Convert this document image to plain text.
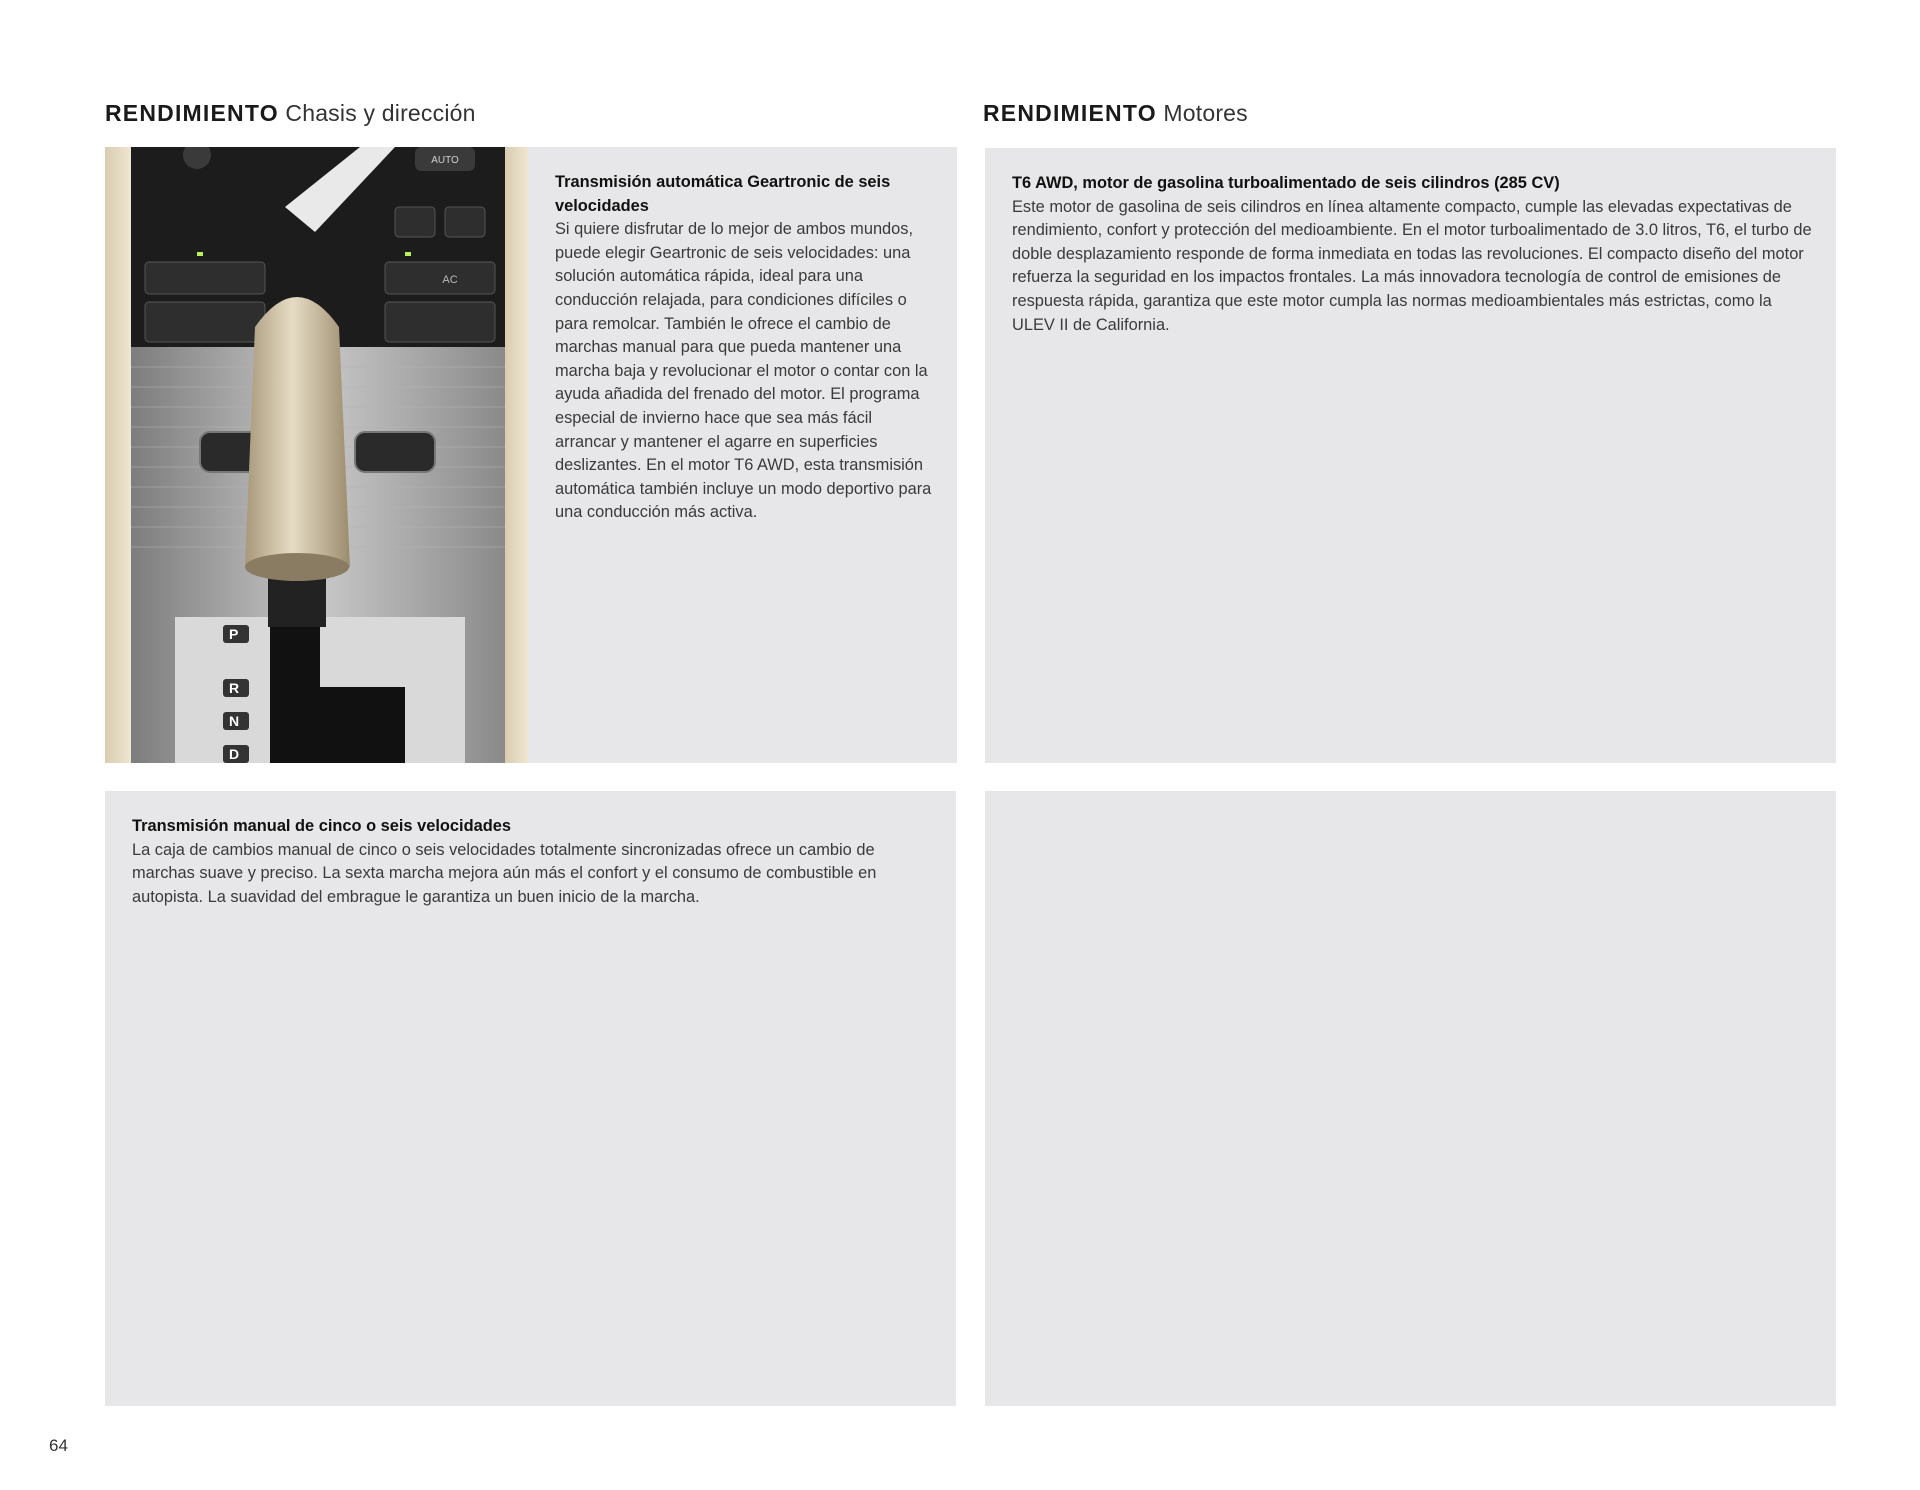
RENDIMIENTO Chasis y dirección	RENDIMIENTO Motores
AUTO
AC
P
R
N
D
Transmisión automática Geartronic de seis velocidades
Si quiere disfrutar de lo mejor de ambos mundos, puede elegir Geartronic de seis velocidades: una solución automática rápida, ideal para una conducción relajada, para condiciones difíciles o para remolcar. También le ofrece el cambio de marchas manual para que pueda mantener una marcha baja y revolucionar el motor o contar con la ayuda añadida del frenado del motor. El programa especial de invierno hace que sea más fácil arrancar y mantener el agarre en superficies deslizantes. En el motor T6 AWD, esta transmisión automática también incluye un modo deportivo para una conducción más activa.
T6 AWD, motor de gasolina turboalimentado de seis cilindros (285 CV)
Este motor de gasolina de seis cilindros en línea altamente compacto, cumple las elevadas expectativas de rendimiento, confort y protección del medioambiente. En el motor turboalimentado de 3.0 litros, T6, el turbo de doble desplazamiento responde de forma inmediata en todas las revoluciones. El compacto diseño del motor refuerza la seguridad en los impactos frontales. La más innovadora tecnología de control de emisiones de respuesta rápida, garantiza que este motor cumpla las normas medioambientales más estrictas, como la ULEV II de California.
Transmisión manual de cinco o seis velocidades
La caja de cambios manual de cinco o seis velocidades totalmente sincronizadas ofrece un cambio de marchas suave y preciso. La sexta marcha mejora aún más el confort y el consumo de combustible en autopista. La suavidad del embrague le garantiza un buen inicio de la marcha.
64
